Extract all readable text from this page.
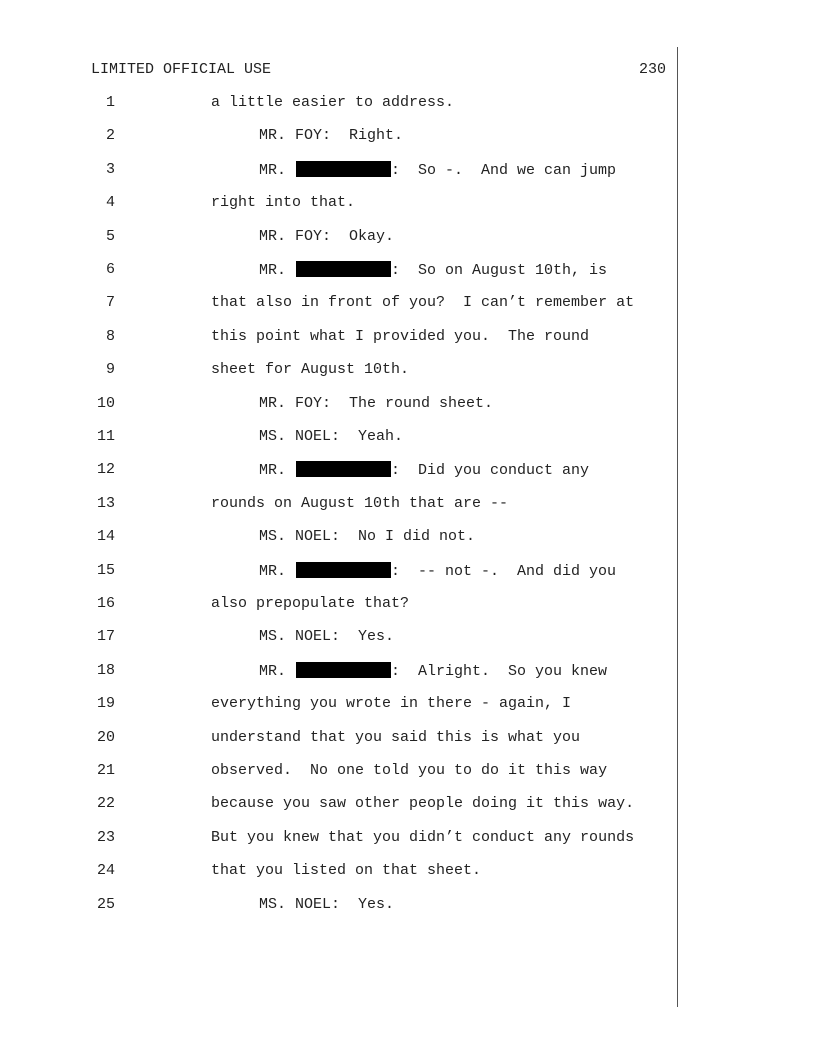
LIMITED OFFICIAL USE	230
1	a little easier to address.
2	MR. FOY:  Right.
3	MR.	:  So -.  And we can jump
4	right into that.
5	MR. FOY:  Okay.
6	MR.	:  So on August 10th, is
7	that also in front of you?  I can’t remember at
8	this point what I provided you.  The round
9	sheet for August 10th.
10	MR. FOY:  The round sheet.
11	MS. NOEL:  Yeah.
12	MR.	:  Did you conduct any
13	rounds on August 10th that are --
14	MS. NOEL:  No I did not.
15	MR.	:  -- not -.  And did you
16	also prepopulate that?
17	MS. NOEL:  Yes.
18	MR.	:  Alright.  So you knew
19	everything you wrote in there - again, I
20	understand that you said this is what you
21	observed.  No one told you to do it this way
22	because you saw other people doing it this way.
23	But you knew that you didn’t conduct any rounds
24	that you listed on that sheet.
25	MS. NOEL:  Yes.
